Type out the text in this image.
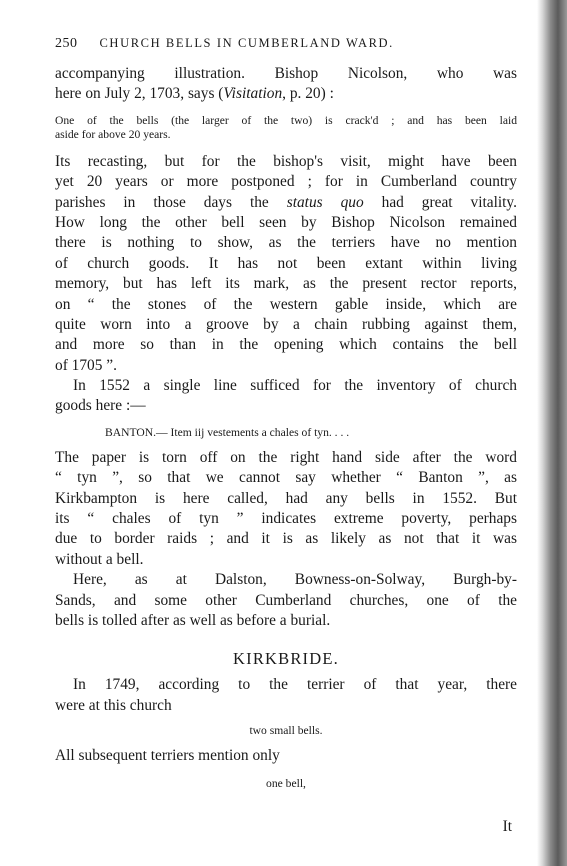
250 CHURCH BELLS IN CUMBERLAND WARD.
accompanying illustration. Bishop Nicolson, who was
here on July 2, 1703, says (Visitation, p. 20) :
One of the bells (the larger of the two) is crack'd ; and has been laid
aside for above 20 years.
Its recasting, but for the bishop's visit, might have been
yet 20 years or more postponed ; for in Cumberland country
parishes in those days the status quo had great vitality.
How long the other bell seen by Bishop Nicolson remained
there is nothing to show, as the terriers have no mention
of church goods. It has not been extant within living
memory, but has left its mark, as the present rector reports,
on “ the stones of the western gable inside, which are
quite worn into a groove by a chain rubbing against them,
and more so than in the opening which contains the bell
of 1705 ”.
In 1552 a single line sufficed for the inventory of church
goods here :—
BANTON.— Item iij vestements a chales of tyn. . . .
The paper is torn off on the right hand side after the word
“ tyn ”, so that we cannot say whether “ Banton ”, as
Kirkbampton is here called, had any bells in 1552. But
its “ chales of tyn ” indicates extreme poverty, perhaps
due to border raids ; and it is as likely as not that it was
without a bell.
Here, as at Dalston, Bowness-on-Solway, Burgh-by-
Sands, and some other Cumberland churches, one of the
bells is tolled after as well as before a burial.
KIRKBRIDE.
In 1749, according to the terrier of that year, there
were at this church
two small bells.
All subsequent terriers mention only
one bell,
It
